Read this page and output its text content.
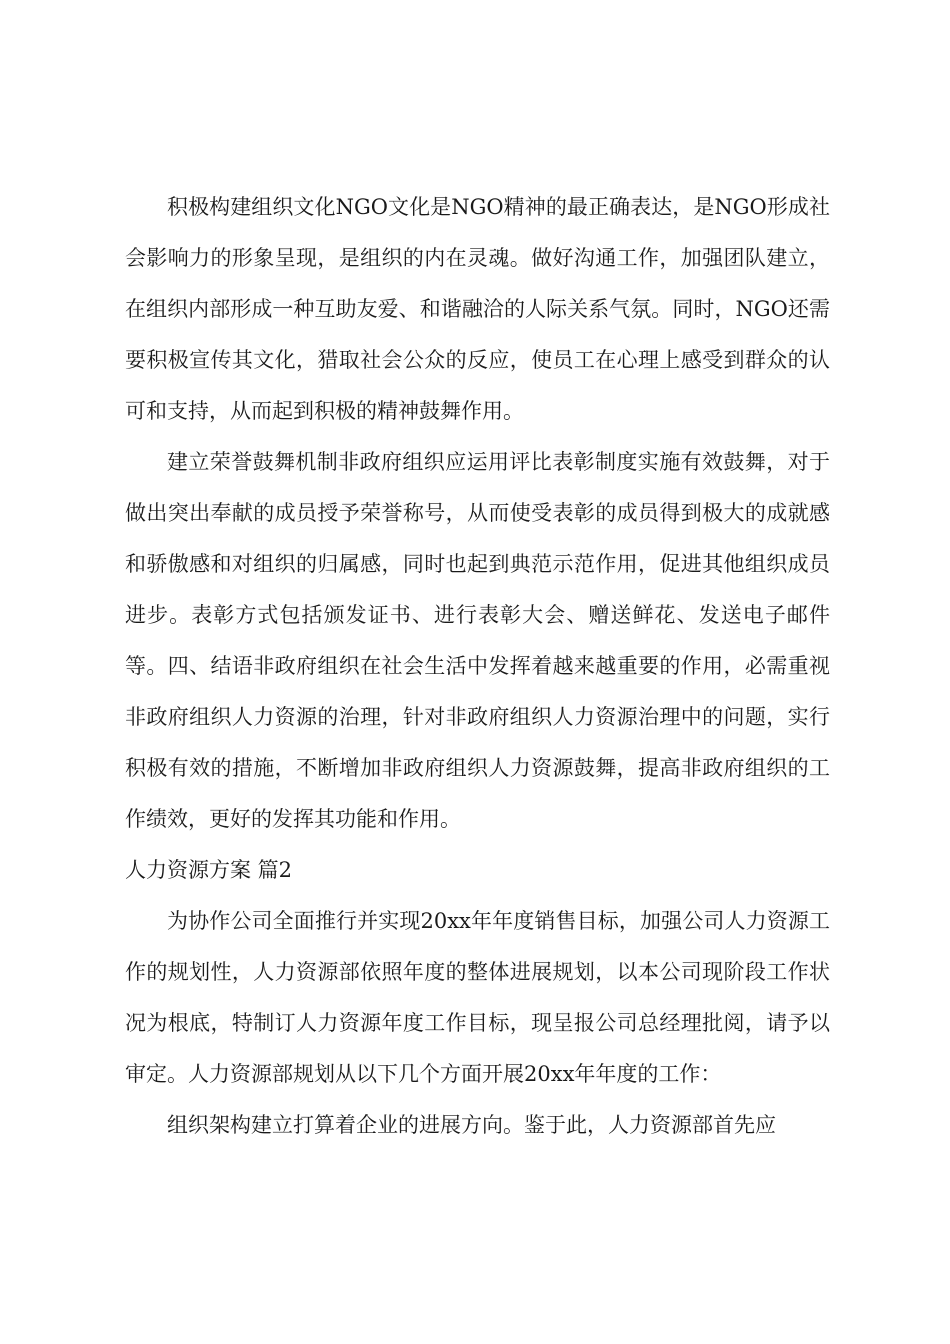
积极构建组织文化NGO文化是NGO精神的最正确表达，是NGO形成社会影响力的形象呈现，是组织的内在灵魂。做好沟通工作，加强团队建立，在组织内部形成一种互助友爱、和谐融洽的人际关系气氛。同时，NGO还需要积极宣传其文化，猎取社会公众的反应，使员工在心理上感受到群众的认可和支持，从而起到积极的精神鼓舞作用。

建立荣誉鼓舞机制非政府组织应运用评比表彰制度实施有效鼓舞，对于做出突出奉献的成员授予荣誉称号，从而使受表彰的成员得到极大的成就感和骄傲感和对组织的归属感，同时也起到典范示范作用，促进其他组织成员进步。表彰方式包括颁发证书、进行表彰大会、赠送鲜花、发送电子邮件等。四、结语非政府组织在社会生活中发挥着越来越重要的作用，必需重视非政府组织人力资源的治理，针对非政府组织人力资源治理中的问题，实行积极有效的措施，不断增加非政府组织人力资源鼓舞，提高非政府组织的工作绩效，更好的发挥其功能和作用。

人力资源方案 篇2

为协作公司全面推行并实现20xx年年度销售目标，加强公司人力资源工作的规划性，人力资源部依照年度的整体进展规划，以本公司现阶段工作状况为根底，特制订人力资源年度工作目标，现呈报公司总经理批阅，请予以审定。人力资源部规划从以下几个方面开展20xx年年度的工作：

组织架构建立打算着企业的进展方向。鉴于此，人力资源部首先应
